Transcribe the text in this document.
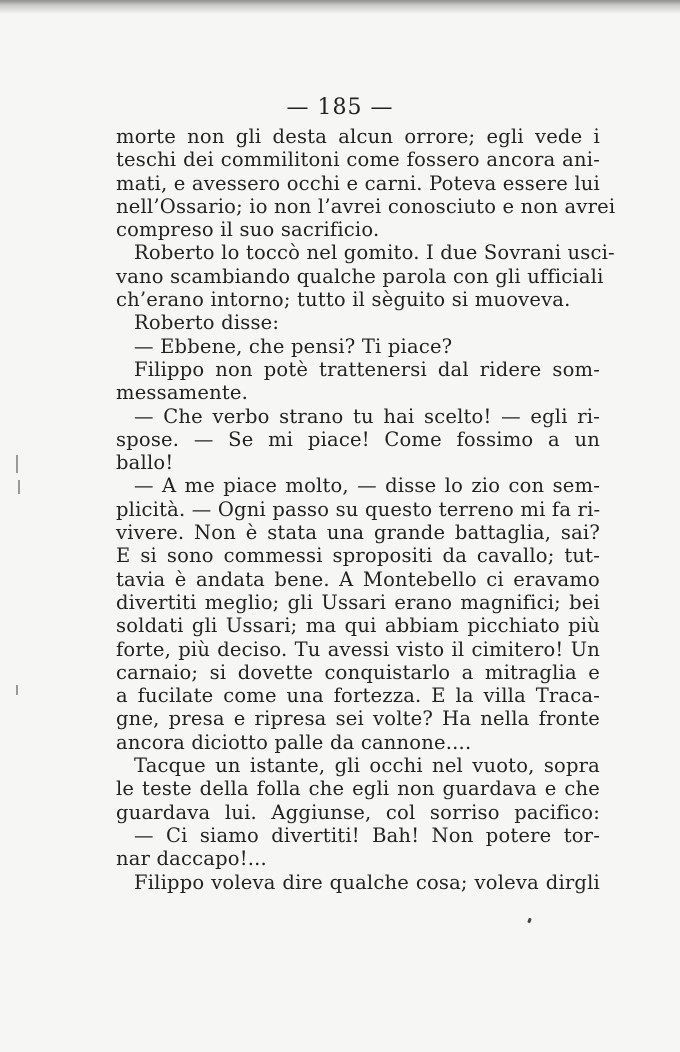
— 185 —
morte non gli desta alcun orrore; egli vede i
teschi dei commilitoni come fossero ancora ani-
mati, e avessero occhi e carni. Poteva essere lui
nell’Ossario; io non l’avrei conosciuto e non avrei
compreso il suo sacrificio.
Roberto lo toccò nel gomito. I due Sovrani usci-
vano scambiando qualche parola con gli ufficiali
ch’erano intorno; tutto il sèguito si muoveva.
Roberto disse:
— Ebbene, che pensi? Ti piace?
Filippo non potè trattenersi dal ridere som-
messamente.
— Che verbo strano tu hai scelto! — egli ri-
spose. — Se mi piace! Come fossimo a un
ballo!
— A me piace molto, — disse lo zio con sem-
plicità. — Ogni passo su questo terreno mi fa ri-
vivere. Non è stata una grande battaglia, sai?
E si sono commessi spropositi da cavallo; tut-
tavia è andata bene. A Montebello ci eravamo
divertiti meglio; gli Ussari erano magnifici; bei
soldati gli Ussari; ma qui abbiam picchiato più
forte, più deciso. Tu avessi visto il cimitero! Un
carnaio; si dovette conquistarlo a mitraglia e
a fucilate come una fortezza. E la villa Traca-
gne, presa e ripresa sei volte? Ha nella fronte
ancora diciotto palle da cannone....
Tacque un istante, gli occhi nel vuoto, sopra
le teste della folla che egli non guardava e che
guardava lui. Aggiunse, col sorriso pacifico:
— Ci siamo divertiti! Bah! Non potere tor-
nar daccapo!...
Filippo voleva dire qualche cosa; voleva dirgli
